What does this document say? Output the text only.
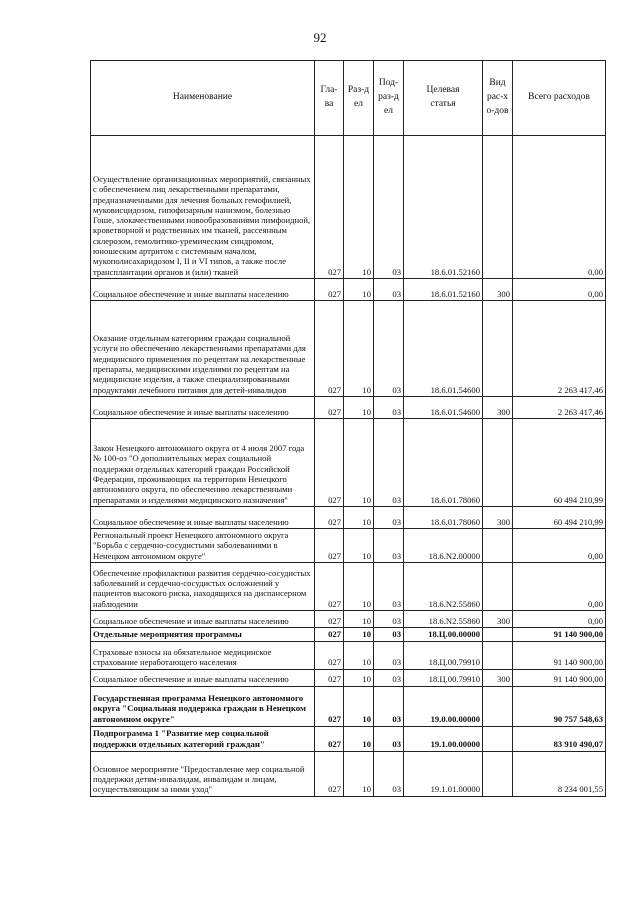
92
Наименование	Гла-ва	Раз-дел	Под-раз-дел	Целевая статья	Вид рас-хо-дов	Всего расходов
Осуществление организационных мероприятий, связанных с обеспечением лиц лекарственными препаратами, предназначенными для лечения больных гемофилией, муковисцидозом, гипофизарным нанизмом, болезнью Гоше, злокачественными новообразованиями лимфоидной, кроветворной и родственных им тканей, рассеянным склерозом, гемолитико-уремическим синдромом, юношеским артритом с системным началом, мукополисахаридозом I, II и VI типов, а также после трансплантации органов и (или) тканей	027	10	03	18.6.01.52160		0,00
Социальное обеспечение и иные выплаты населению	027	10	03	18.6.01.52160	300	0,00
Оказание отдельным категориям граждан социальной услуги по обеспечению лекарственными препаратами для медицинского применения по рецептам на лекарственные препараты, медицинскими изделиями по рецептам на медицинские изделия, а также специализированными продуктами лечебного питания для детей-инвалидов	027	10	03	18.6.01.54600		2 263 417,46
Социальное обеспечение и иные выплаты населению	027	10	03	18.6.01.54600	300	2 263 417,46
Закон Ненецкого автономного округа от 4 июля 2007 года № 100-оз "О дополнительных мерах социальной поддержки отдельных категорий граждан Российской Федерации, проживающих на территории Ненецкого автономного округа, по обеспечению лекарственными препаратами и изделиями медицинского назначения"	027	10	03	18.6.01.78060		60 494 210,99
Социальное обеспечение и иные выплаты населению	027	10	03	18.6.01.78060	300	60 494 210,99
Региональный проект Ненецкого автономного округа "Борьба с сердечно-сосудистыми заболеваниями в Ненецком автономном округе"	027	10	03	18.6.N2.00000		0,00
Обеспечение профилактики развития сердечно-сосудистых заболеваний и сердечно-сосудистых осложнений у пациентов высокого риска, находящихся на диспансерном наблюдении	027	10	03	18.6.N2.55860		0,00
Социальное обеспечение и иные выплаты населению	027	10	03	18.6.N2.55860	300	0,00
Отдельные мероприятия программы	027	10	03	18.Ц.00.00000		91 140 900,00
Страховые взносы на обязательное медицинское страхование неработающего населения	027	10	03	18.Ц.00.79910		91 140 900,00
Социальное обеспечение и иные выплаты населению	027	10	03	18.Ц.00.79910	300	91 140 900,00
Государственная программа Ненецкого автономного округа "Социальная поддержка граждан в Ненецком автономном округе"	027	10	03	19.0.00.00000		90 757 548,63
Подпрограмма 1 "Развитие мер социальной поддержки отдельных категорий граждан"	027	10	03	19.1.00.00000		83 910 490,07
Основное мероприятие "Предоставление мер социальной поддержки детям-инвалидам, инвалидам и лицам, осуществляющим за ними уход"	027	10	03	19.1.01.00000		8 234 001,55
